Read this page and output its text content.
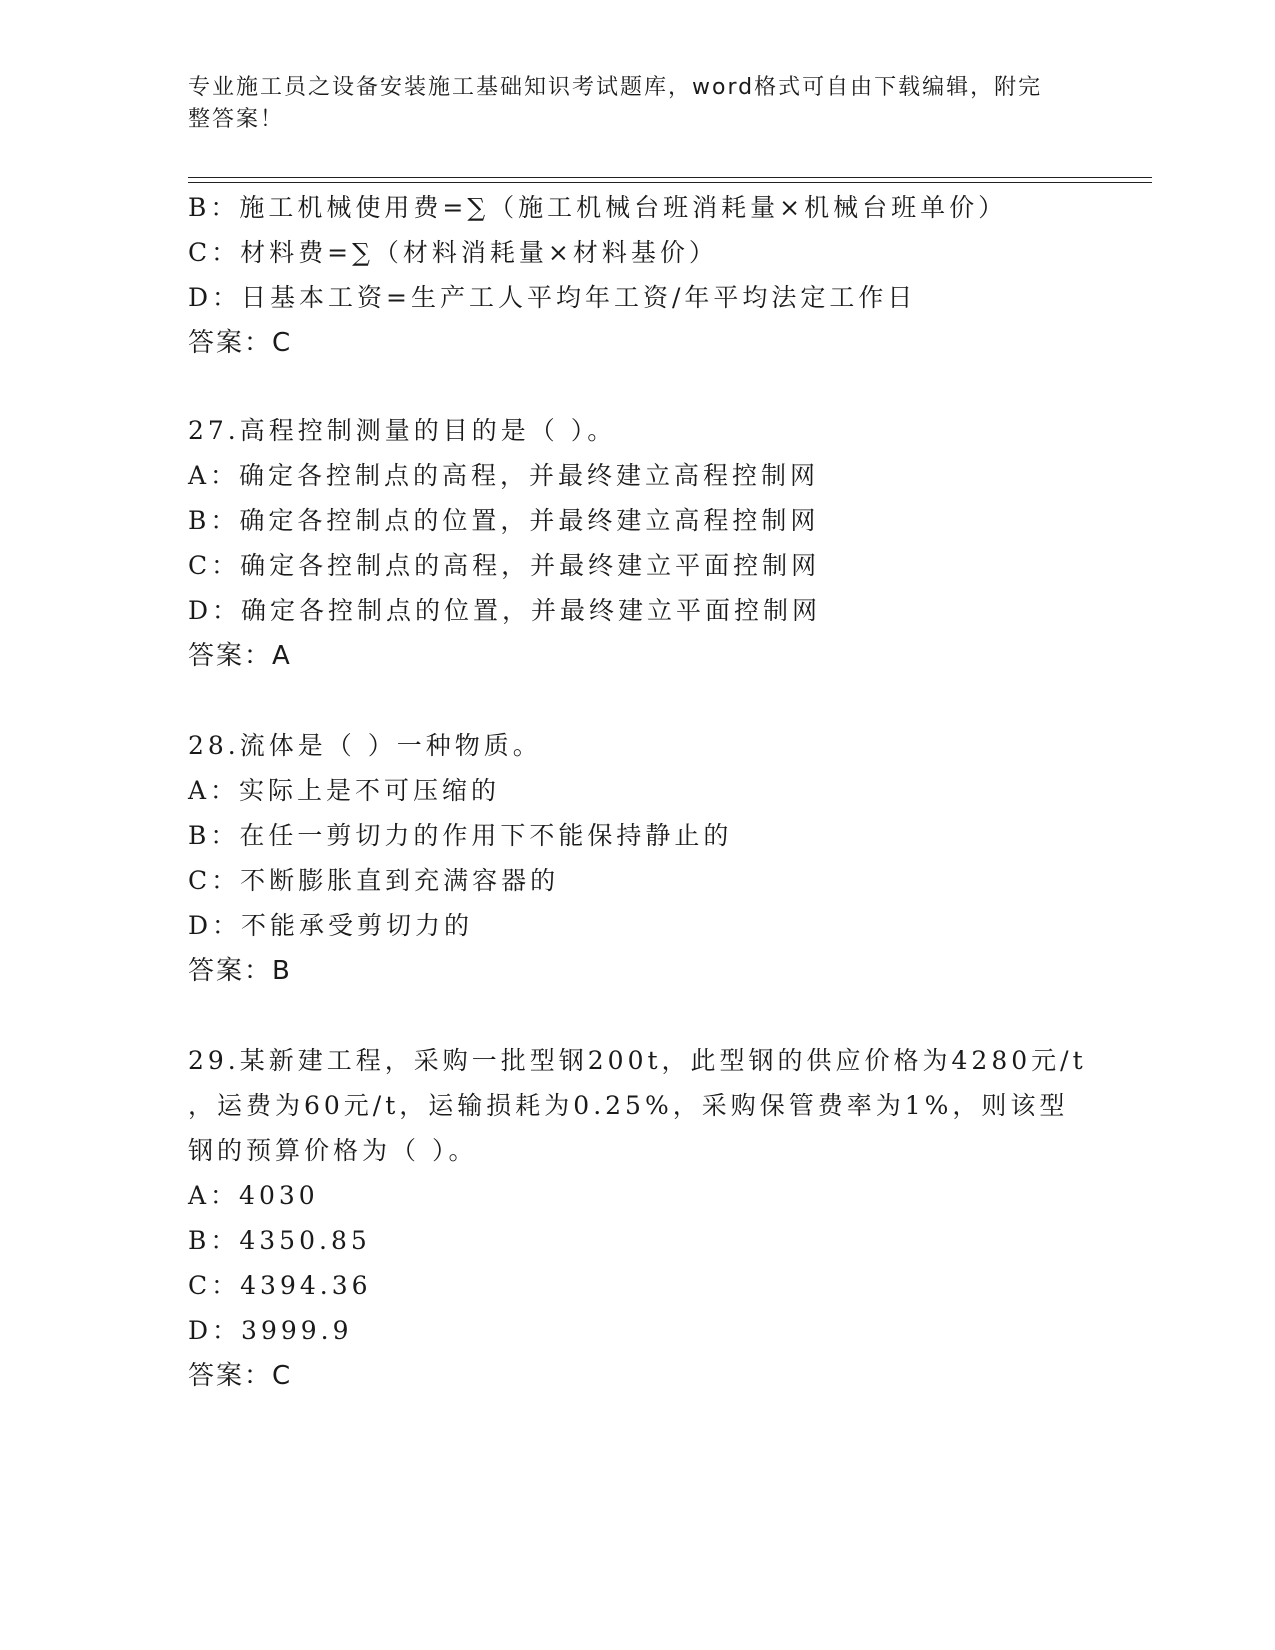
专业施工员之设备安装施工基础知识考试题库，word格式可自由下载编辑，附完
整答案！
B：施工机械使用费=∑（施工机械台班消耗量×机械台班单价）
C：材料费=∑（材料消耗量×材料基价）
D：日基本工资=生产工人平均年工资/年平均法定工作日
答案：C
27.高程控制测量的目的是（ ）。
A：确定各控制点的高程，并最终建立高程控制网
B：确定各控制点的位置，并最终建立高程控制网
C：确定各控制点的高程，并最终建立平面控制网
D：确定各控制点的位置，并最终建立平面控制网
答案：A
28.流体是（ ）一种物质。
A：实际上是不可压缩的
B：在任一剪切力的作用下不能保持静止的
C：不断膨胀直到充满容器的
D：不能承受剪切力的
答案：B
29.某新建工程，采购一批型钢200t，此型钢的供应价格为4280元/t
，运费为60元/t，运输损耗为0.25%，采购保管费率为1%，则该型
钢的预算价格为（ ）。
A：4030
B：4350.85
C：4394.36
D：3999.9
答案：C
